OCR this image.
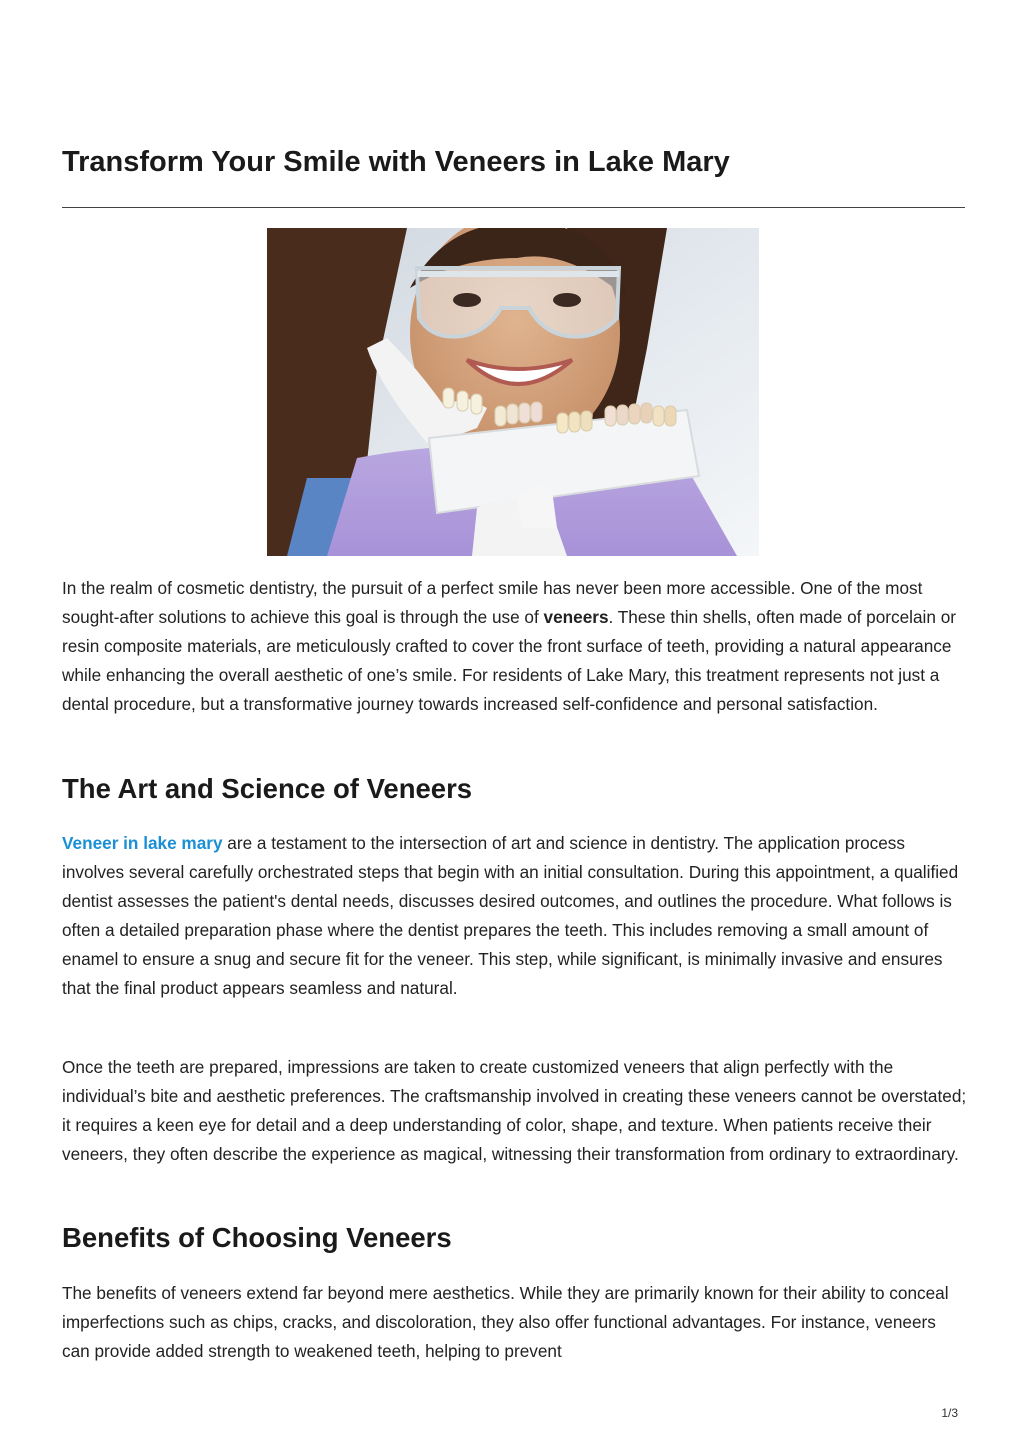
Transform Your Smile with Veneers in Lake Mary

In the realm of cosmetic dentistry, the pursuit of a perfect smile has never been more accessible. One of the most sought-after solutions to achieve this goal is through the use of veneers. These thin shells, often made of porcelain or resin composite materials, are meticulously crafted to cover the front surface of teeth, providing a natural appearance while enhancing the overall aesthetic of one’s smile. For residents of Lake Mary, this treatment represents not just a dental procedure, but a transformative journey towards increased self-confidence and personal satisfaction.

The Art and Science of Veneers

Veneer in lake mary are a testament to the intersection of art and science in dentistry. The application process involves several carefully orchestrated steps that begin with an initial consultation. During this appointment, a qualified dentist assesses the patient's dental needs, discusses desired outcomes, and outlines the procedure. What follows is often a detailed preparation phase where the dentist prepares the teeth. This includes removing a small amount of enamel to ensure a snug and secure fit for the veneer. This step, while significant, is minimally invasive and ensures that the final product appears seamless and natural.

Once the teeth are prepared, impressions are taken to create customized veneers that align perfectly with the individual’s bite and aesthetic preferences. The craftsmanship involved in creating these veneers cannot be overstated; it requires a keen eye for detail and a deep understanding of color, shape, and texture. When patients receive their veneers, they often describe the experience as magical, witnessing their transformation from ordinary to extraordinary.

Benefits of Choosing Veneers

The benefits of veneers extend far beyond mere aesthetics. While they are primarily known for their ability to conceal imperfections such as chips, cracks, and discoloration, they also offer functional advantages. For instance, veneers can provide added strength to weakened teeth, helping to prevent

1/3
